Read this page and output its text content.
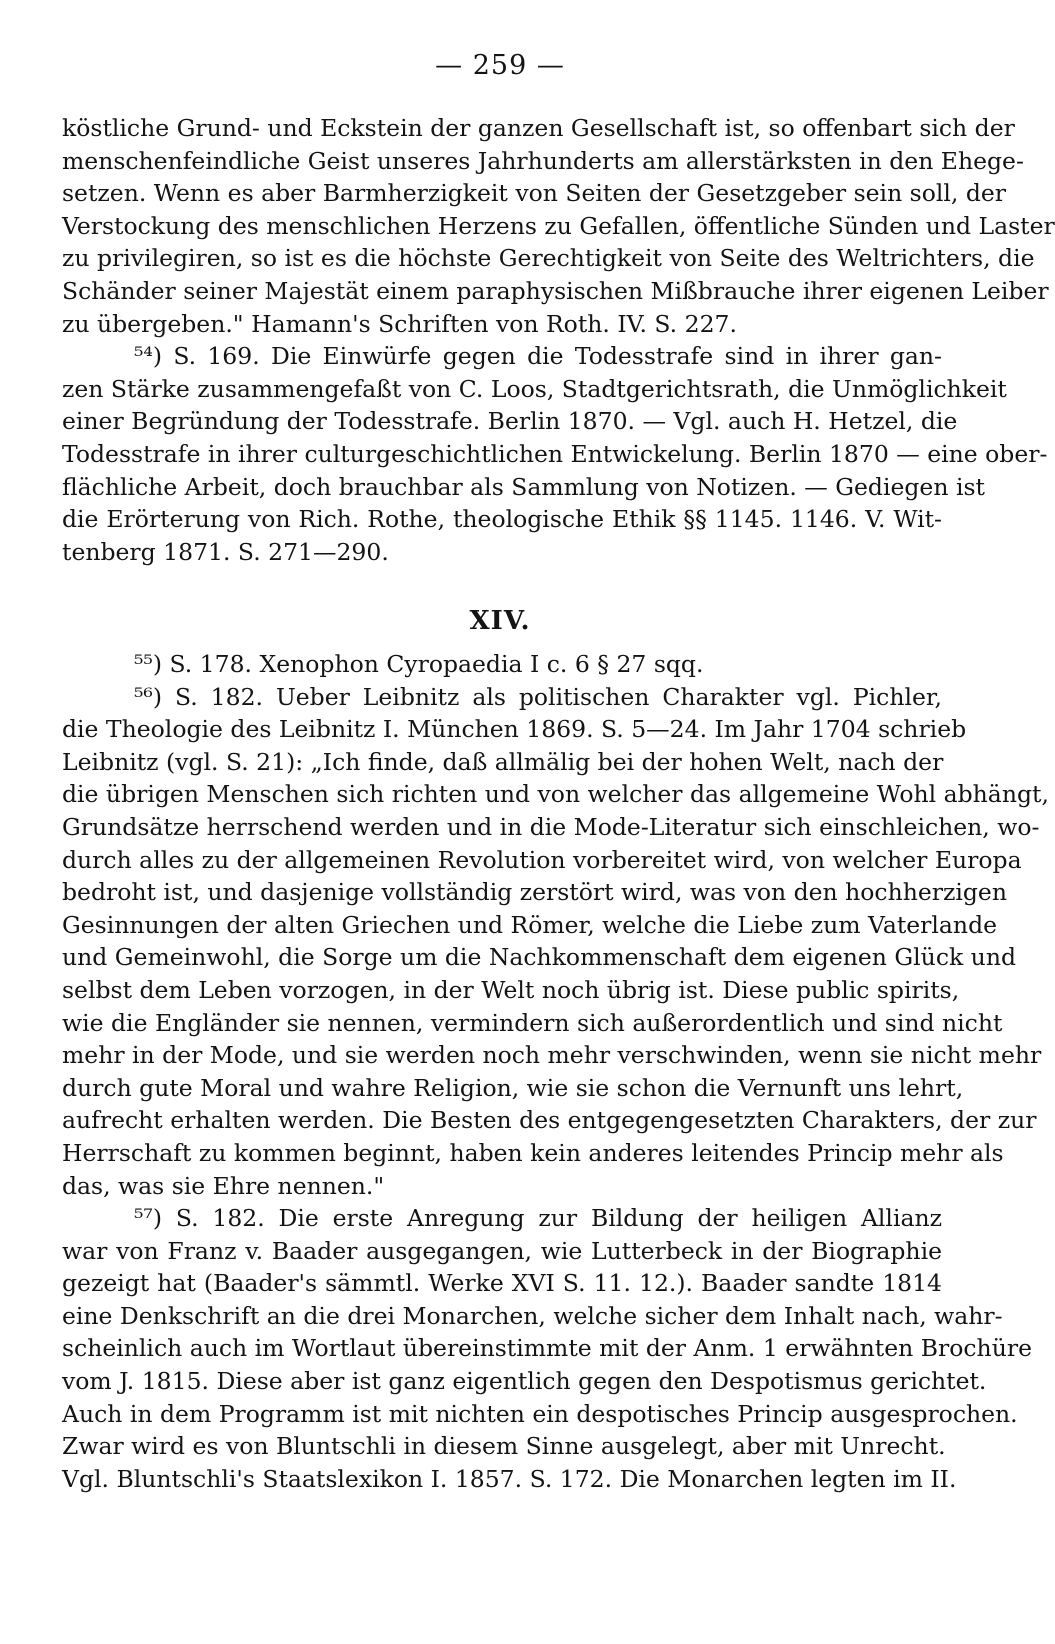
— 259 —
köstliche Grund- und Eckstein der ganzen Gesellschaft ist, so offenbart sich der
menschenfeindliche Geist unseres Jahrhunderts am allerstärksten in den Ehege-
setzen. Wenn es aber Barmherzigkeit von Seiten der Gesetzgeber sein soll, der
Verstockung des menschlichen Herzens zu Gefallen, öffentliche Sünden und Laster
zu privilegiren, so ist es die höchste Gerechtigkeit von Seite des Weltrichters, die
Schänder seiner Majestät einem paraphysischen Mißbrauche ihrer eigenen Leiber
zu übergeben." Hamann's Schriften von Roth. IV. S. 227.
⁵⁴) S. 169. Die Einwürfe gegen die Todesstrafe sind in ihrer gan-
zen Stärke zusammengefaßt von C. Loos, Stadtgerichtsrath, die Unmöglichkeit
einer Begründung der Todesstrafe. Berlin 1870. — Vgl. auch H. Hetzel, die
Todesstrafe in ihrer culturgeschichtlichen Entwickelung. Berlin 1870 — eine ober-
flächliche Arbeit, doch brauchbar als Sammlung von Notizen. — Gediegen ist
die Erörterung von Rich. Rothe, theologische Ethik §§ 1145. 1146. V. Wit-
tenberg 1871. S. 271—290.
XIV.
⁵⁵) S. 178. Xenophon Cyropaedia I c. 6 § 27 sqq.
⁵⁶) S. 182. Ueber Leibnitz als politischen Charakter vgl. Pichler,
die Theologie des Leibnitz I. München 1869. S. 5—24. Im Jahr 1704 schrieb
Leibnitz (vgl. S. 21): „Ich finde, daß allmälig bei der hohen Welt, nach der
die übrigen Menschen sich richten und von welcher das allgemeine Wohl abhängt,
Grundsätze herrschend werden und in die Mode-Literatur sich einschleichen, wo-
durch alles zu der allgemeinen Revolution vorbereitet wird, von welcher Europa
bedroht ist, und dasjenige vollständig zerstört wird, was von den hochherzigen
Gesinnungen der alten Griechen und Römer, welche die Liebe zum Vaterlande
und Gemeinwohl, die Sorge um die Nachkommenschaft dem eigenen Glück und
selbst dem Leben vorzogen, in der Welt noch übrig ist. Diese public spirits,
wie die Engländer sie nennen, vermindern sich außerordentlich und sind nicht
mehr in der Mode, und sie werden noch mehr verschwinden, wenn sie nicht mehr
durch gute Moral und wahre Religion, wie sie schon die Vernunft uns lehrt,
aufrecht erhalten werden. Die Besten des entgegengesetzten Charakters, der zur
Herrschaft zu kommen beginnt, haben kein anderes leitendes Princip mehr als
das, was sie Ehre nennen."
⁵⁷) S. 182. Die erste Anregung zur Bildung der heiligen Allianz
war von Franz v. Baader ausgegangen, wie Lutterbeck in der Biographie
gezeigt hat (Baader's sämmtl. Werke XVI S. 11. 12.). Baader sandte 1814
eine Denkschrift an die drei Monarchen, welche sicher dem Inhalt nach, wahr-
scheinlich auch im Wortlaut übereinstimmte mit der Anm. 1 erwähnten Brochüre
vom J. 1815. Diese aber ist ganz eigentlich gegen den Despotismus gerichtet.
Auch in dem Programm ist mit nichten ein despotisches Princip ausgesprochen.
Zwar wird es von Bluntschli in diesem Sinne ausgelegt, aber mit Unrecht.
Vgl. Bluntschli's Staatslexikon I. 1857. S. 172. Die Monarchen legten im II.
